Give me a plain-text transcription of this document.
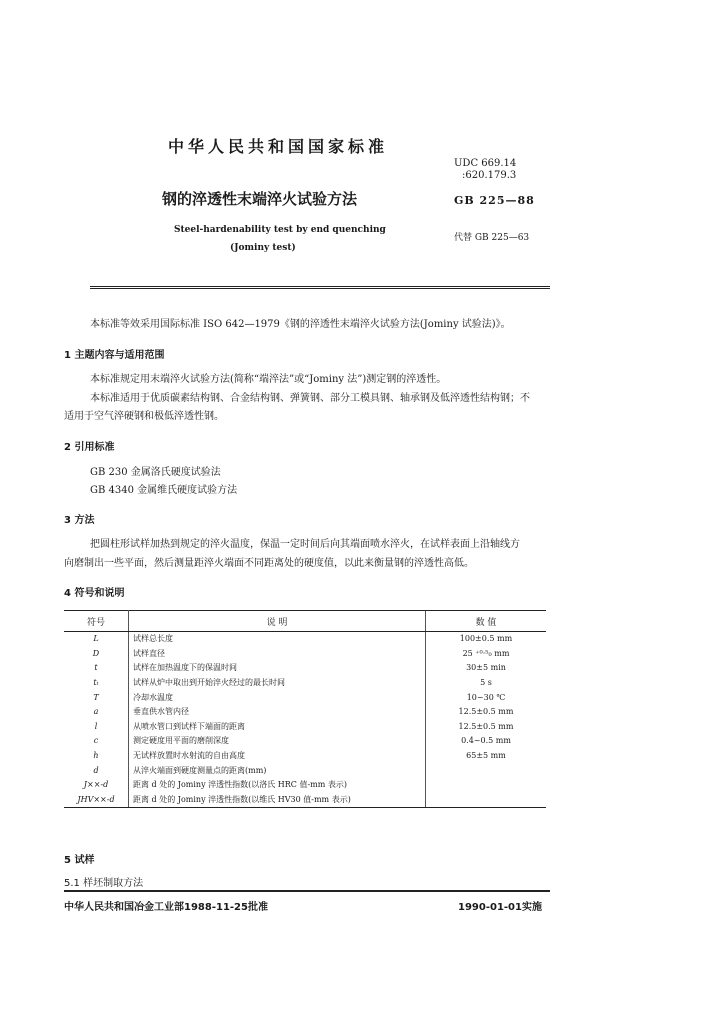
中华人民共和国国家标准
UDC 669.14
:620.179.3
钢的淬透性末端淬火试验方法	GB 225—88
Steel-hardenability test by end quenching
(Jominy test)
代替 GB 225—63
本标准等效采用国际标准 ISO 642—1979《钢的淬透性末端淬火试验方法(Jominy 试验法)》。
1 主题内容与适用范围
本标准规定用末端淬火试验方法(简称“端淬法”或“Jominy 法”)测定钢的淬透性。
本标准适用于优质碳素结构钢、合金结构钢、弹簧钢、部分工模具钢、轴承钢及低淬透性结构钢；不
适用于空气淬硬钢和极低淬透性钢。
2 引用标准
GB 230 金属洛氏硬度试验法
GB 4340 金属维氏硬度试验方法
3 方法
把圆柱形试样加热到规定的淬火温度，保温一定时间后向其端面喷水淬火，在试样表面上沿轴线方
向磨制出一些平面，然后测量距淬火端面不同距离处的硬度值，以此来衡量钢的淬透性高低。
4 符号和说明
符号	说 明	数 值
L	试样总长度	100±0.5 mm
D	试样直径	25 ⁺⁰·⁵₀ mm
t	试样在加热温度下的保温时间	30±5 min
tₜ	试样从炉中取出到开始淬火经过的最长时间	5 s
T	冷却水温度	10~30 ℃
a	垂直供水管内径	12.5±0.5 mm
l	从喷水管口到试样下端面的距离	12.5±0.5 mm
c	测定硬度用平面的磨削深度	0.4~0.5 mm
h	无试样放置时水射流的自由高度	65±5 mm
d	从淬火端面到硬度测量点的距离(mm)	
J××-d	距离 d 处的 Jominy 淬透性指数(以洛氏 HRC 值-mm 表示)	
JHV××-d	距离 d 处的 Jominy 淬透性指数(以维氏 HV30 值-mm 表示)	
5 试样
5.1 样坯制取方法
中华人民共和国冶金工业部1988-11-25批准	1990-01-01实施
